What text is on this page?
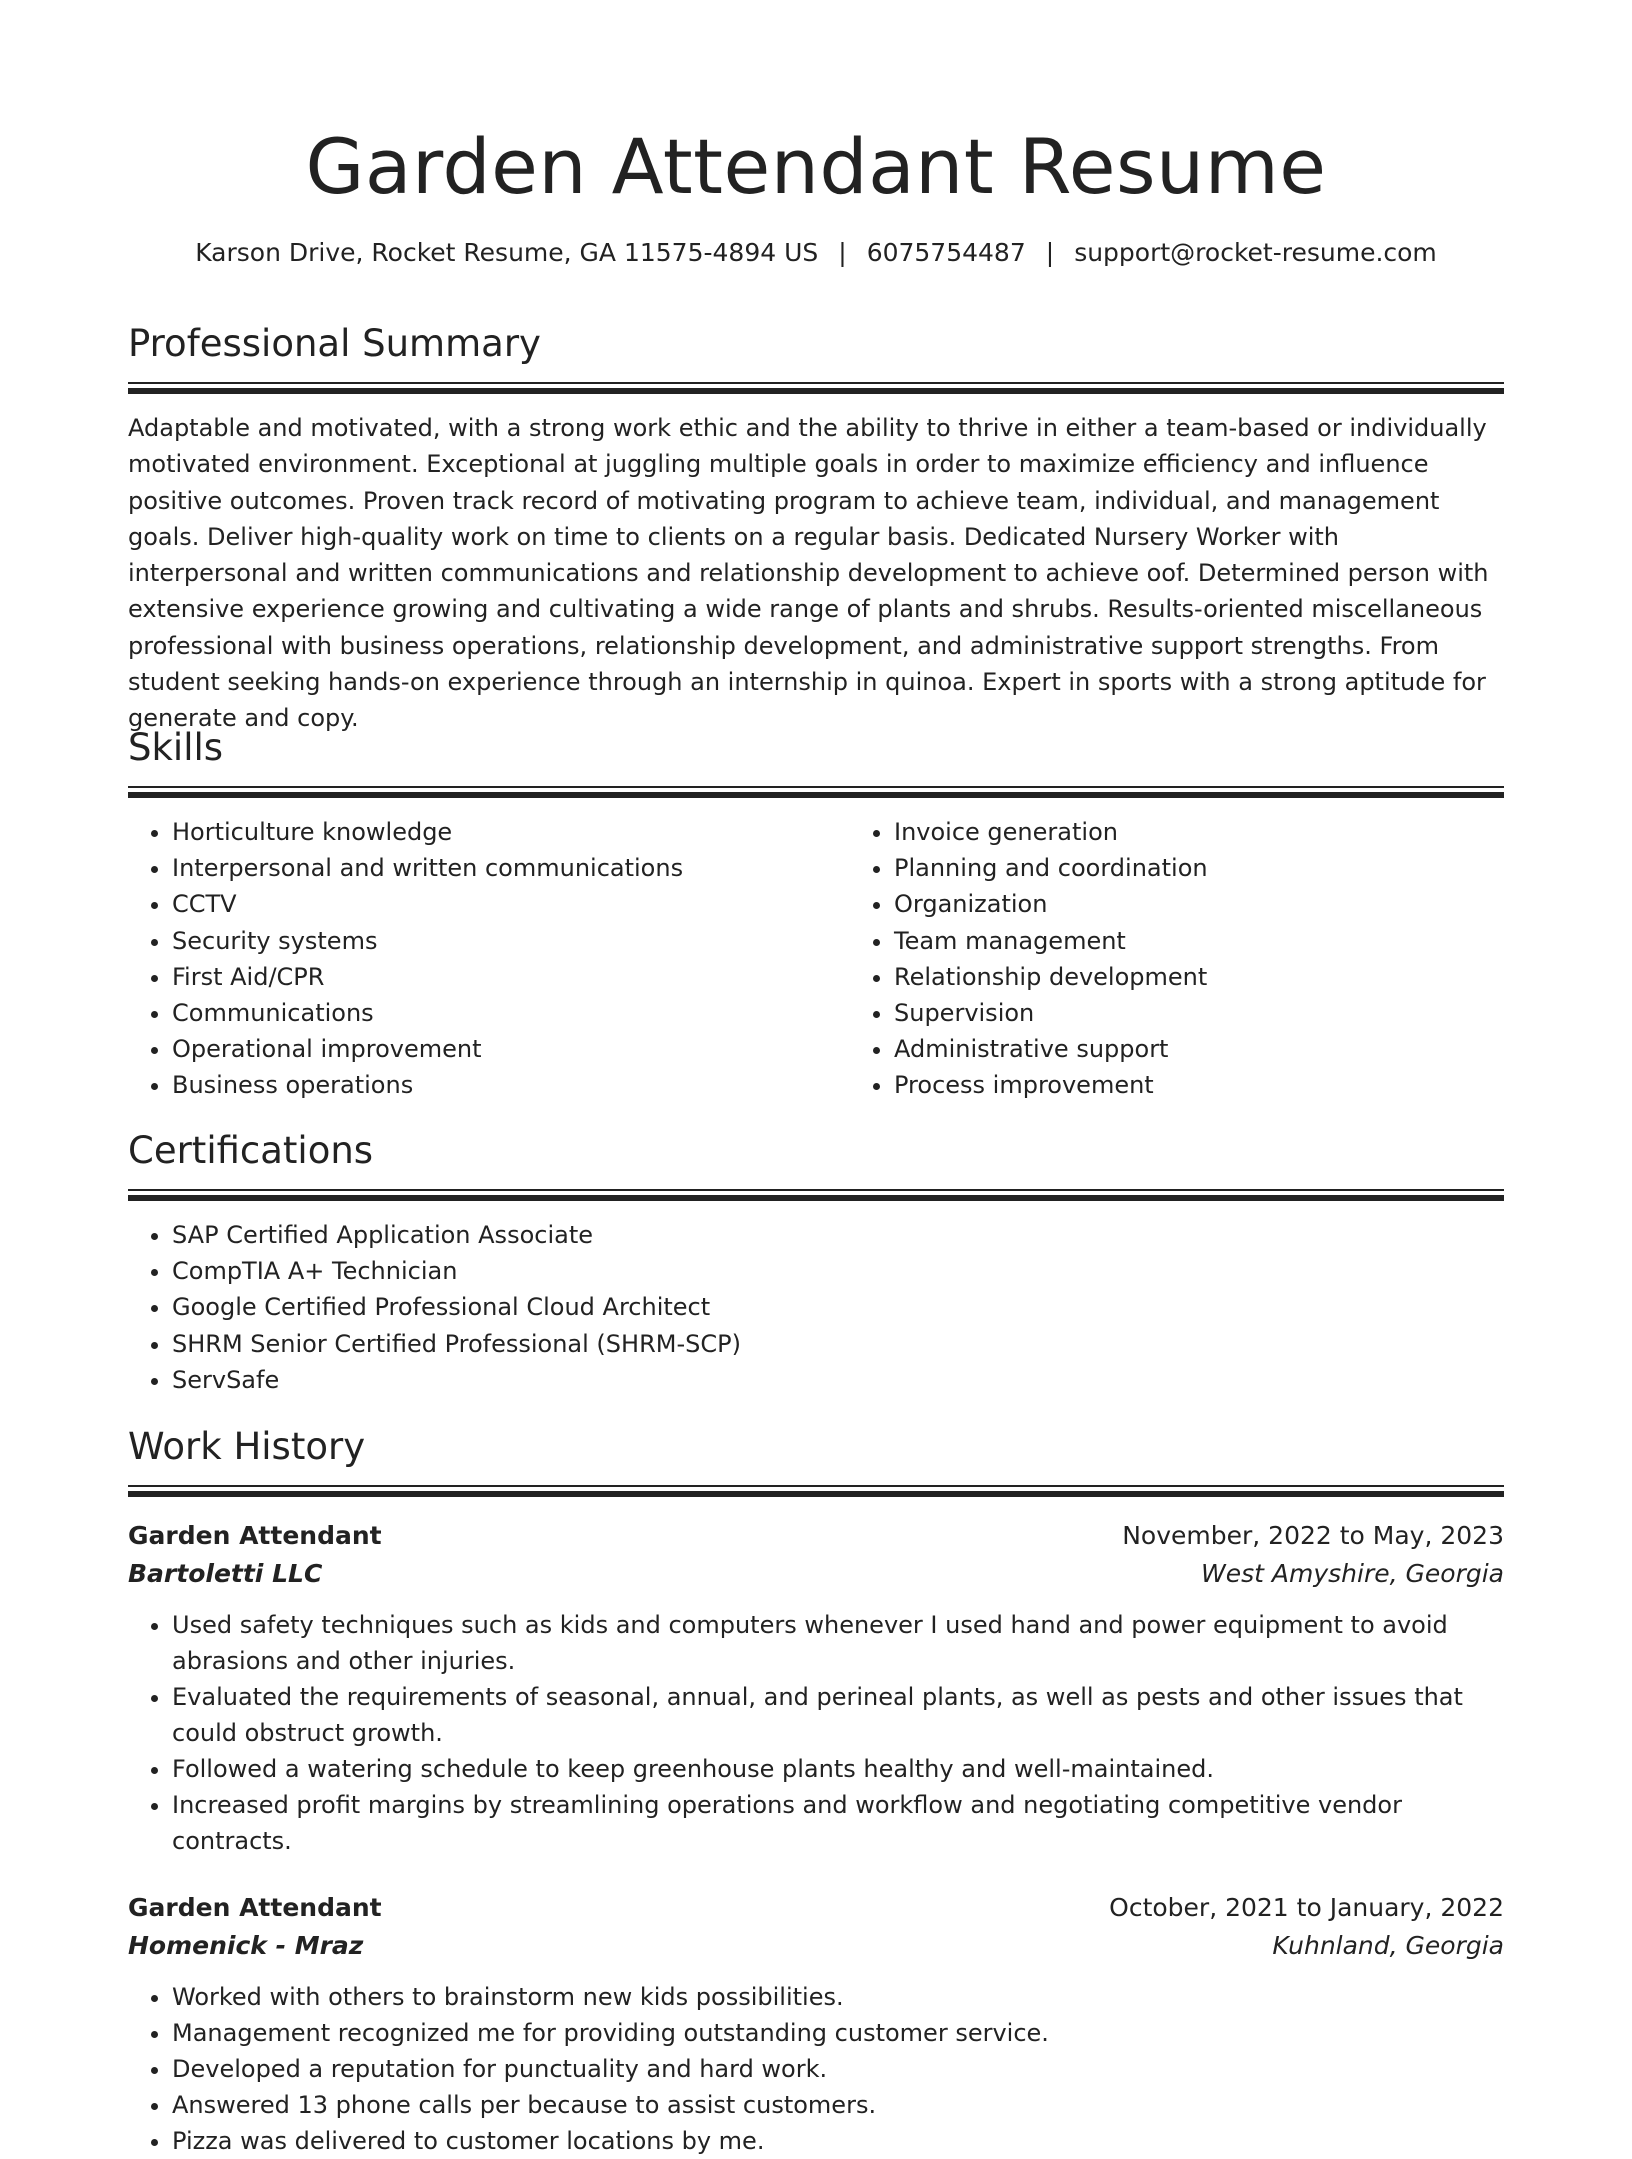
Garden Attendant Resume
Karson Drive, Rocket Resume, GA 11575-4894 US | 6075754487 | support@rocket-resume.com
Professional Summary

Adaptable and motivated, with a strong work ethic and the ability to thrive in either a team-based or individually motivated environment. Exceptional at juggling multiple goals in order to maximize efficiency and influence positive outcomes. Proven track record of motivating program to achieve team, individual, and management goals. Deliver high-quality work on time to clients on a regular basis. Dedicated Nursery Worker with interpersonal and written communications and relationship development to achieve oof. Determined person with extensive experience growing and cultivating a wide range of plants and shrubs. Results-oriented miscellaneous professional with business operations, relationship development, and administrative support strengths. From student seeking hands-on experience through an internship in quinoa. Expert in sports with a strong aptitude for generate and copy.

Skills
• Horticulture knowledge
• Interpersonal and written communications
• CCTV
• Security systems
• First Aid/CPR
• Communications
• Operational improvement
• Business operations
• Invoice generation
• Planning and coordination
• Organization
• Team management
• Relationship development
• Supervision
• Administrative support
• Process improvement
Certifications
• SAP Certified Application Associate
• CompTIA A+ Technician
• Google Certified Professional Cloud Architect
• SHRM Senior Certified Professional (SHRM-SCP)
• ServSafe
Work History
Garden Attendant	November, 2022 to May, 2023
Bartoletti LLC	West Amyshire, Georgia
• Used safety techniques such as kids and computers whenever I used hand and power equipment to avoid abrasions and other injuries.
• Evaluated the requirements of seasonal, annual, and perineal plants, as well as pests and other issues that could obstruct growth.
• Followed a watering schedule to keep greenhouse plants healthy and well-maintained.
• Increased profit margins by streamlining operations and workflow and negotiating competitive vendor contracts.
Garden Attendant	October, 2021 to January, 2022
Homenick - Mraz	Kuhnland, Georgia
• Worked with others to brainstorm new kids possibilities.
• Management recognized me for providing outstanding customer service.
• Developed a reputation for punctuality and hard work.
• Answered 13 phone calls per because to assist customers.
• Pizza was delivered to customer locations by me.
